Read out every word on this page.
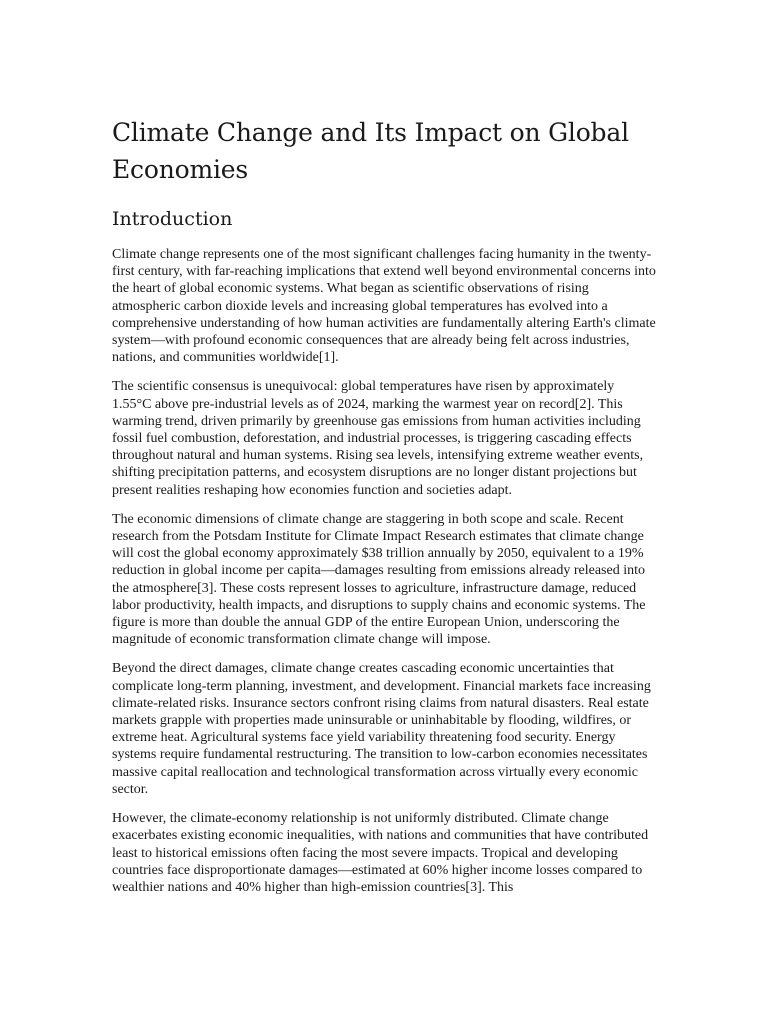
Climate Change and Its Impact on Global Economies
Introduction

Climate change represents one of the most significant challenges facing humanity in the twenty-first century, with far-reaching implications that extend well beyond environmental concerns into the heart of global economic systems. What began as scientific observations of rising atmospheric carbon dioxide levels and increasing global temperatures has evolved into a comprehensive understanding of how human activities are fundamentally altering Earth's climate system—with profound economic consequences that are already being felt across industries, nations, and communities worldwide[1].

The scientific consensus is unequivocal: global temperatures have risen by approximately 1.55°C above pre-industrial levels as of 2024, marking the warmest year on record[2]. This warming trend, driven primarily by greenhouse gas emissions from human activities including fossil fuel combustion, deforestation, and industrial processes, is triggering cascading effects throughout natural and human systems. Rising sea levels, intensifying extreme weather events, shifting precipitation patterns, and ecosystem disruptions are no longer distant projections but present realities reshaping how economies function and societies adapt.

The economic dimensions of climate change are staggering in both scope and scale. Recent research from the Potsdam Institute for Climate Impact Research estimates that climate change will cost the global economy approximately $38 trillion annually by 2050, equivalent to a 19% reduction in global income per capita—damages resulting from emissions already released into the atmosphere[3]. These costs represent losses to agriculture, infrastructure damage, reduced labor productivity, health impacts, and disruptions to supply chains and economic systems. The figure is more than double the annual GDP of the entire European Union, underscoring the magnitude of economic transformation climate change will impose.

Beyond the direct damages, climate change creates cascading economic uncertainties that complicate long-term planning, investment, and development. Financial markets face increasing climate-related risks. Insurance sectors confront rising claims from natural disasters. Real estate markets grapple with properties made uninsurable or uninhabitable by flooding, wildfires, or extreme heat. Agricultural systems face yield variability threatening food security. Energy systems require fundamental restructuring. The transition to low-carbon economies necessitates massive capital reallocation and technological transformation across virtually every economic sector.

However, the climate-economy relationship is not uniformly distributed. Climate change exacerbates existing economic inequalities, with nations and communities that have contributed least to historical emissions often facing the most severe impacts. Tropical and developing countries face disproportionate damages—estimated at 60% higher income losses compared to wealthier nations and 40% higher than high-emission countries[3]. This
